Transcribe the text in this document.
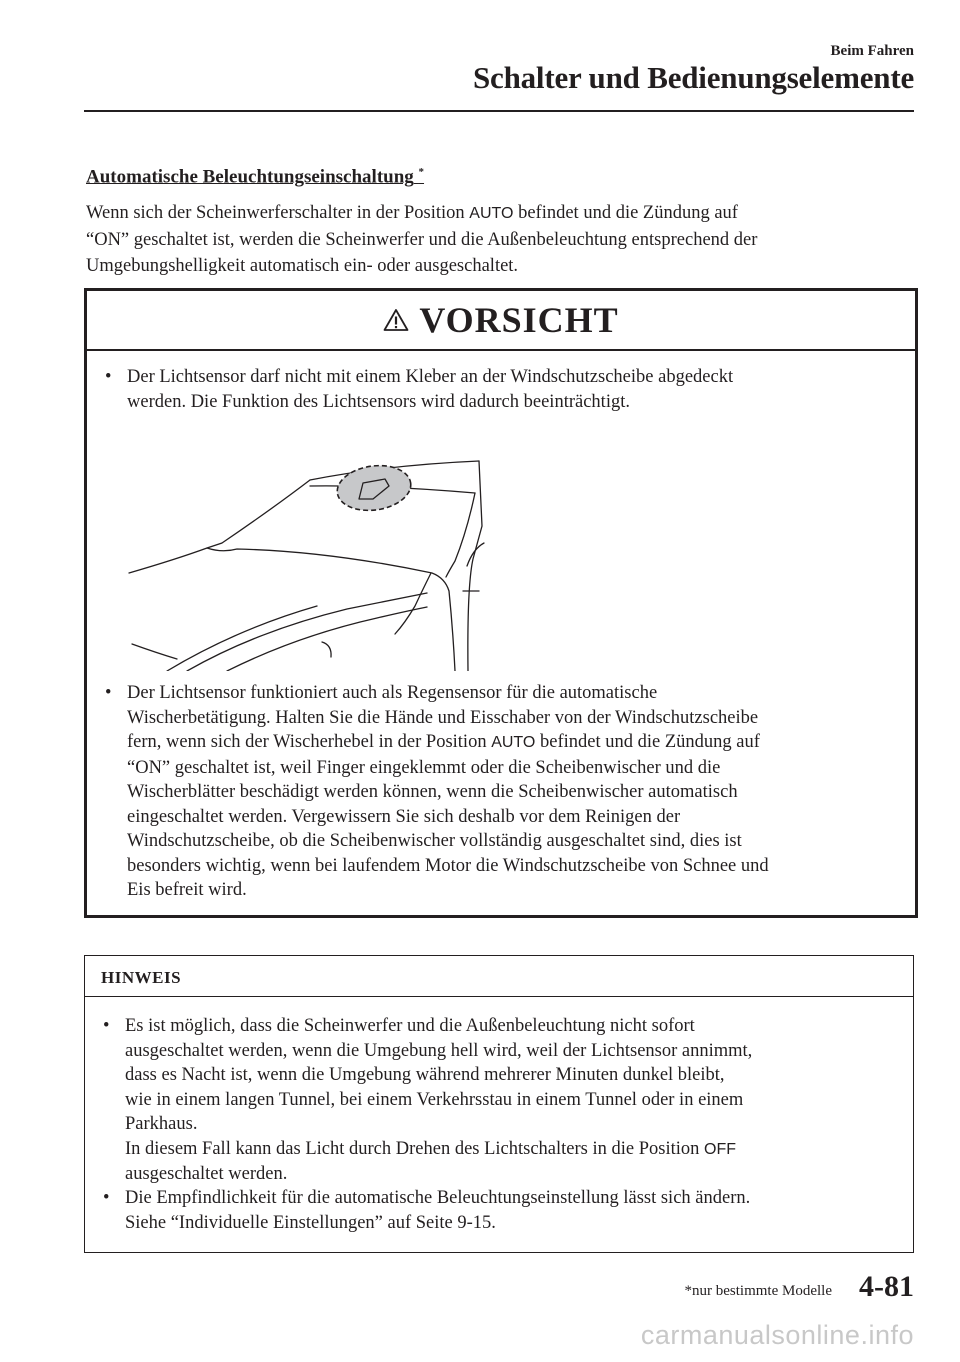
Beim Fahren
Schalter und Bedienungselemente
Automatische Beleuchtungseinschaltung *
Wenn sich der Scheinwerferschalter in der Position AUTO befindet und die Zündung auf
“ON” geschaltet ist, werden die Scheinwerfer und die Außenbeleuchtung entsprechend der
Umgebungshelligkeit automatisch ein- oder ausgeschaltet.
VORSICHT
• Der Lichtsensor darf nicht mit einem Kleber an der Windschutzscheibe abgedeckt
werden. Die Funktion des Lichtsensors wird dadurch beeinträchtigt.
• Der Lichtsensor funktioniert auch als Regensensor für die automatische
Wischerbetätigung. Halten Sie die Hände und Eisschaber von der Windschutzscheibe
fern, wenn sich der Wischerhebel in der Position AUTO befindet und die Zündung auf
“ON” geschaltet ist, weil Finger eingeklemmt oder die Scheibenwischer und die
Wischerblätter beschädigt werden können, wenn die Scheibenwischer automatisch
eingeschaltet werden. Vergewissern Sie sich deshalb vor dem Reinigen der
Windschutzscheibe, ob die Scheibenwischer vollständig ausgeschaltet sind, dies ist
besonders wichtig, wenn bei laufendem Motor die Windschutzscheibe von Schnee und
Eis befreit wird.
HINWEIS
• Es ist möglich, dass die Scheinwerfer und die Außenbeleuchtung nicht sofort
ausgeschaltet werden, wenn die Umgebung hell wird, weil der Lichtsensor annimmt,
dass es Nacht ist, wenn die Umgebung während mehrerer Minuten dunkel bleibt,
wie in einem langen Tunnel, bei einem Verkehrsstau in einem Tunnel oder in einem
Parkhaus.
In diesem Fall kann das Licht durch Drehen des Lichtschalters in die Position OFF
ausgeschaltet werden.
• Die Empfindlichkeit für die automatische Beleuchtungseinstellung lässt sich ändern.
Siehe “Individuelle Einstellungen” auf Seite 9-15.
*nur bestimmte Modelle 4-81
carmanualsonline.info
